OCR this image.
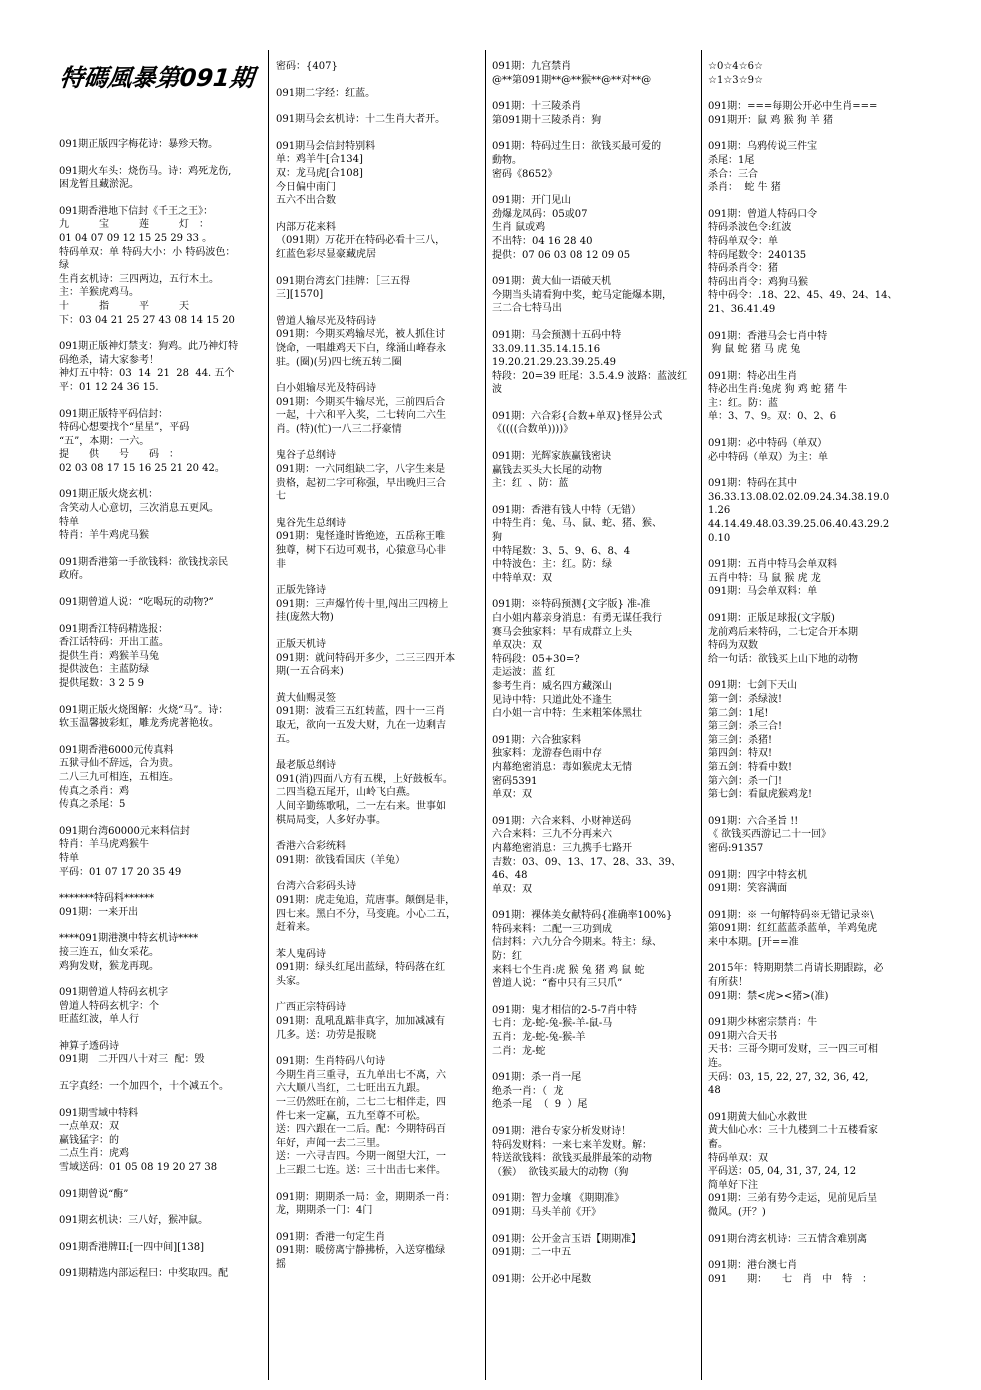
特碼風暴第091期
091期正版四字梅花诗：暴殄天物。
091期火车头：烧伤马。诗：鸡死龙伤,
困龙暂且藏淤泥。
091期香港地下信封《千王之王》：
九　　　宝　　　莲　　　灯　：
01 04 07 09 12 15 25 29 33 。
特码单双：单 特码大小：小 特码波色：
绿
生肖玄机诗：三四两边，五行木土。
主：羊猴虎鸡马。
十　　　指　　　平　　　天
下：03 04 21 25 27 43 08 14 15 20
091期正版神灯禁支：狗鸡。此乃神灯特
码绝杀，请大家参考！
神灯五中特：03  14  21  28  44. 五个
平：01 12 24 36 15.
091期正版特平码信封：
特码心想要找个“星星”，平码
“五”，本期：一六。
提　　供　　号　　码　：
02 03 08 17 15 16 25 21 20 42。
091期正版火烧玄机：
含笑动人心意切，三次消息五更风。
特单
特肖：羊牛鸡虎马猴
091期香港第一手欲钱料：欲钱找亲民
政府。
091期曾道人说：“吃喝玩的动物?”
091期香江特码精选报：
香江话特码：开出工蓝。
提供生肖：鸡猴羊马兔
提供波色：主蓝防绿
提供尾数：3 2 5 9
091期正版火烧图解：火烧“马”。诗：
软玉温馨披彩虹，雕龙秀虎著艳妆。
091期香港6000元传真料
五狱寻仙不辞远，合为贵。
二八三九可相连，五相连。
传真之杀肖：鸡
传真之杀尾：5
091期台湾60000元来料信封
特肖：羊马虎鸡猴牛
特单
平码：01 07 17 20 35 49
*******特码料******
091期：一来开出
****091期港澳中特玄机诗****
接三连五，仙女采花。
鸡狗发财，猴龙再现。
091期曾道人特码玄机字
曾道人特码玄机字：个
旺蓝红波，单人行
神算子透码诗
091期　二开四八十对三  配：毁
五字真经：一个加四个，十个减五个。
091期雪域中特料
一点单双：双
赢钱猛字：的
二点生肖：虎鸡
雪域送码：01 05 08 19 20 27 38
091期曾说“酶”
091期玄机诀：三八好，猴冲鼠。
091期香港牌II:[一四中间][138]
091期精选内部运程曰：中奖取四。配
密码：{407}
091期二字经：红蓝。
091期马会玄机诗：十二生肖大者开。
091期马会信封特别料
单：鸡羊牛[合134]
双：龙马虎[合108]
今日偏中南门
五六不出合数
内部万花来料
（091期）万花开在特码必看十三八，
红蓝色彩尽显豪藏虎居
091期台湾玄门挂牌：［三五得
三][1570]
曾道人输尽光及特码诗
091期：今期买鸡输尽光，被人抓住讨
饶命，一唱雄鸡天下白，缘涌山峰春永
驻。(圈)(另)四七统五转二圈
白小姐输尽光及特码诗
091期：今期买牛输尽光，三前四后合
一起，十六和平入奖，二七转向二六生
肖。(特)(忙)一八三二抒豪情
鬼谷子总纲诗
091期：一六同组缺二字，八字生来是
贵格，起初二字可称强，早出晚归三合
七
鬼谷先生总纲诗
091期：鬼怪逢时皆绝迹，五岳称王唯
独尊，树下石边可观书，心猿意马心非
非
正版先锋诗
091期：三声爆竹传十里,闯出三四榜上
挂(庞然大物)
正版天机诗
091期：就问特码开多少，二三三四开本
期(一五合码来)
黄大仙赐灵签
091期：波看三五红转蓝，四十一三肖
取无，欲向一五发大财，九在一边剩吉
五。
最老版总纲诗
091(消)四面八方有五棵，上好鼓板车。
二四当稳五尾开，山岭飞白燕。
人间辛勤练歌吼，二一左右来。世事如
棋局局变，人多好办事。
香港六合彩统料
091期：欲钱看国庆（羊兔）
台湾六合彩码头诗
091期：虎走兔追，荒唐事。颠倒是非，
四七来。黑白不分，马变鹿。小心二五，
赶着来。
苯人鬼码诗
091期：绿头红尾出蓝绿，特码落在红
头家。
广西正宗特码诗
091期：乱吼乱踮非真字，加加减减有
几多。送：功劳是报晓
091期：生肖特码八句诗
今期生肖三重寻，五九单出七不离，六
六大顺八当红，二七旺出五九跟。
一三仍然旺在前，二七二七相伴走，四
件七来一定赢，五九至尊不可松。
送：四六跟在一二后。配：今期特码百
年好，声闻一去二三里。
送：一六寻吉四。今期一阁望大江，一
上三跟二七连。送：三十出击七来伴。
091期：期期杀一局：金，期期杀一肖：
龙，期期杀一门：4门
091期：香港一句定生肖
091期：暖傍离宁静拂桥，入送穿槛绿
摇
091期：九宫禁肖
@**第091期**@**猴**@**对**@
091期：十三陵杀肖
第091期十三陵杀肖：狗
091期：特码过生日：欲钱买最可爱的
動物。
密码《8652》
091期：开门见山
劲爆龙凤码：05或07
生肖 鼠或鸡
不出特：04 16 28 40
提供：07 06 03 08 12 09 05
091期：黄大仙一语破天机
今期当头请看狗中奖，蛇马定能爆本期，
三二合七特马出
091期：马会预测十五码中特
33.09.11.35.14.15.16
19.20.21.29.23.39.25.49
特段：20=39 旺尾：3.5.4.9 波路：蓝波红
波
091期：六合彩{合数+单双}怪异公式
《((((合数单))))》
091期：光辉家族赢钱密诀
赢钱去买头大长尾的动物
主：红  、防：蓝
091期：香港有钱人中特（无错）
中特生肖：兔、马、鼠、蛇、猪、猴、
狗
中特尾数：3、5、9、6、8、4
中特波色：主：红。防：绿
中特单双：双
091期：※特码预测{文字版} 准-准
白小姐内幕亲身消息：有勇无谋任我行
赛马会独家料：早有成群立上头
单双决：双
特码段：05+30=?
走运波：蓝 红
参考生肖：威名四方藏深山
见诗中特：只道此处不逢生
白小姐一言中特：生来粗笨体黑壮
091期：六合独家料
独家料：龙游春色雨中存
内幕绝密消息：毒如猴虎太无情
密码5391
单双：双
091期：六合来料、小财神送码
六合来料：三九不分再来六
内幕绝密消息：三九携手七路开
吉数：03、09、13、17、28、33、39、
46、48
单双：双
091期：裸体美女献特码{准确率100%}
特码来料：二配一三功到成
信封料：六九分合今期来。特主：绿、
防：红
来料七个生肖:虎 猴 兔 猪 鸡 鼠 蛇
曾道人说：“畜中只有三只爪”
091期：鬼才相信的2-5-7肖中特
七肖：龙-蛇-兔-猴-羊-鼠-马
五肖：龙-蛇-兔-猴-羊
二肖：龙-蛇
091期：杀一肖一尾
绝杀一肖：（  龙
绝杀一尾  （  9  ）尾
091期：港台专家分析发财诗！
特码发财料：一来七来羊发财。解：
特送欲钱料：欲钱买最胖最笨的动物
（猴）  欲钱买最大的动物（狗
091期：智力金壤 《期期准》
091期：马头羊前《开》
091期：公开金言玉语【期期准】
091期：二一中五
091期：公开必中尾数
☆0☆4☆6☆
☆1☆3☆9☆
091期：===每期公开必中生肖===
091期开：鼠 鸡 猴 狗 羊 猪
091期：乌鸦传说三件宝
杀尾：1尾
杀合：三合
杀肖：  蛇 牛 猪
091期：曾道人特码口令
特码杀波色令:红波
特码单双令：单
特码尾数令：240135
特码杀肖令：猪
特码出肖令：鸡狗马猴
特中码令：.18、22、45、49、24、14、
21、36.41.49
091期：香港马会七肖中特
狗 鼠 蛇 猪 马 虎 兔
091期：特必出生肖
特必出生肖:兔虎 狗 鸡 蛇 猪 牛
主：红。防：蓝
单：3、7、9。双：0、2、6
091期：必中特码（单双）
必中特码（单双）为主：单
091期：特码在其中
36.33.13.08.02.02.09.24.34.38.19.0
1.26
44.14.49.48.03.39.25.06.40.43.29.2
0.10
091期：五肖中特马会单双料
五肖中特：马 鼠 猴 虎 龙
091期：马会单双料：单
091期：正版足球报(文字版)
龙前鸡后来特码，二七定合开本期
特码为双数
给一句话：欲钱买上山下地的动物
091期：七剑下天山
第一剑：杀绿波!
第二剑：1尾!
第三剑：杀三合!
第三剑：杀猪!
第四剑：特双!
第五剑：特看中数!
第六剑：杀一门!
第七剑：看鼠虎猴鸡龙!
091期：六合圣旨 !!
《 欲钱买西游记二十一回》
密码:91357
091期：四字中特玄机
091期：笑容满面
091期：※ 一句解特码※无错记录※\
第091期：红红蓝蓝杀蓝单，羊鸡兔虎
来中本期。[开==准
2015年：特期期禁二肖请长期跟踪，必
有所获！
091期：禁<虎><猪>(准)
091期少林密宗禁肖：牛
091期六合天书
天书：三哥今期可发财，三一四三可相
连。
天码：03, 15, 22, 27, 32, 36, 42,
48
091期黄大仙心水救世
黄大仙心水：三十九楼到二十五楼看家
畜。
特码单双：双
平码送：05, 04, 31, 37, 24, 12
简单好下注
091期：三弟有势今走运，见前见后呈
微风。(开？)
091期台湾玄机诗：三五情含难别离
091期：港台澳七肖
091　　期：　　七　肖　中　特　：
